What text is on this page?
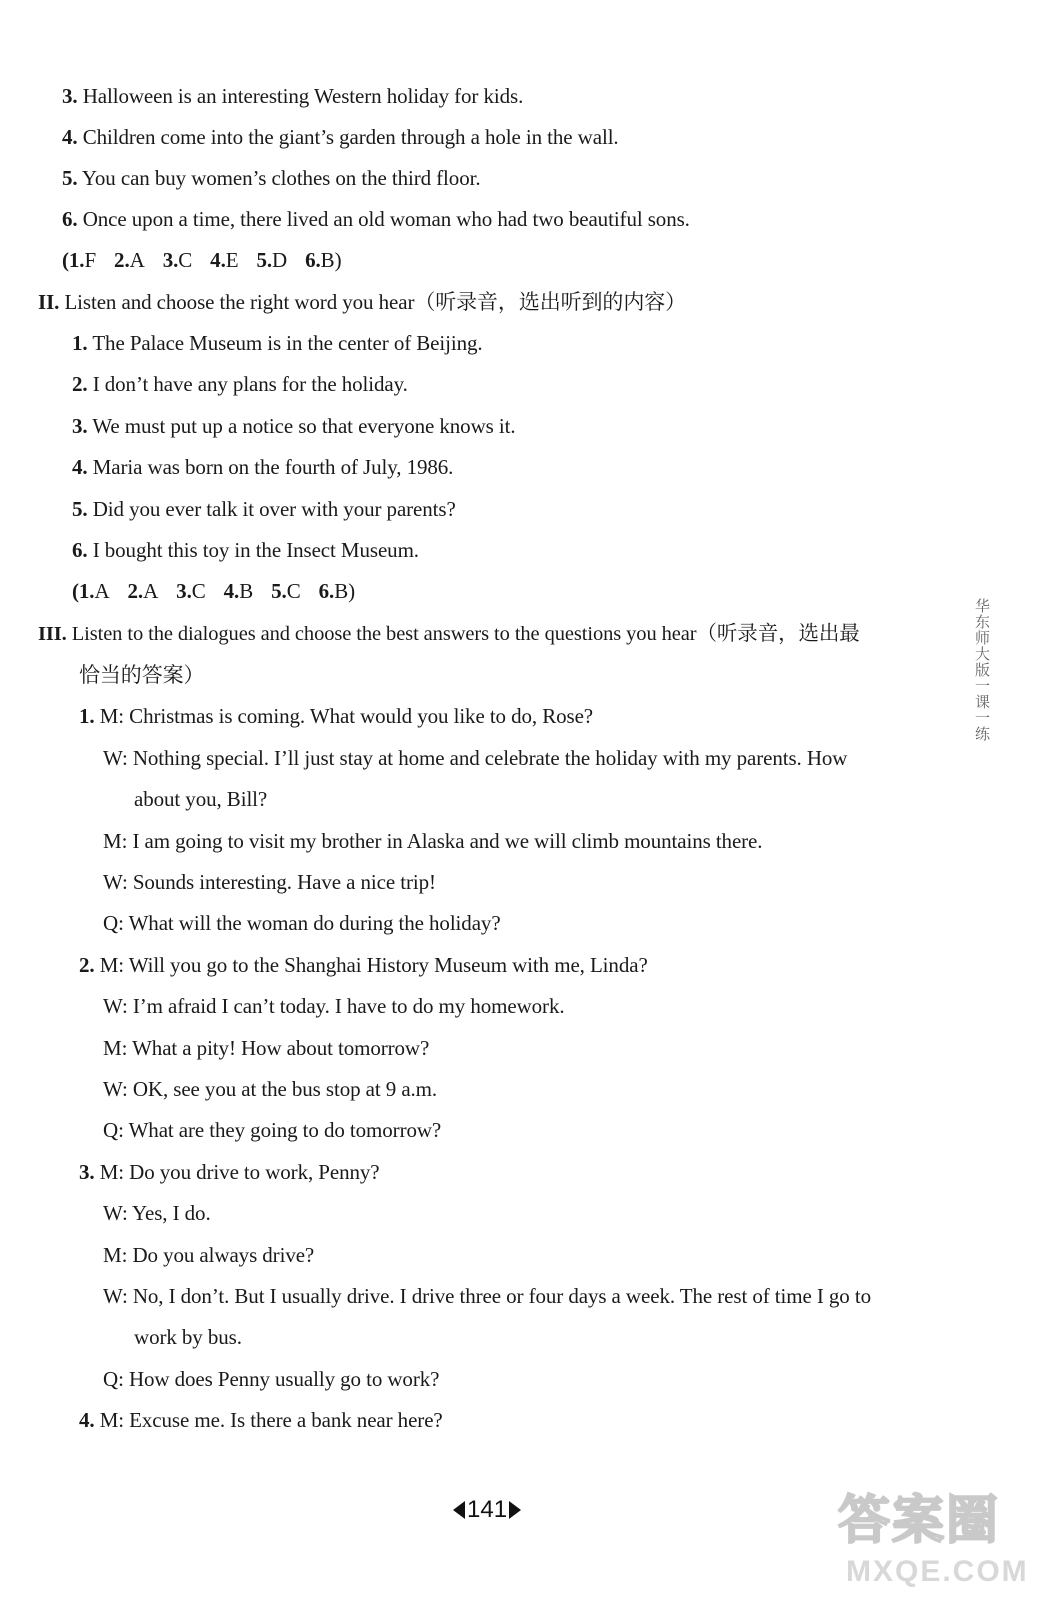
3. Halloween is an interesting Western holiday for kids.
4. Children come into the giant’s garden through a hole in the wall.
5. You can buy women’s clothes on the third floor.
6. Once upon a time, there lived an old woman who had two beautiful sons.
(1.F 2.A 3.C 4.E 5.D 6.B)
II. Listen and choose the right word you hear（听录音，选出听到的内容）
1. The Palace Museum is in the center of Beijing.
2. I don’t have any plans for the holiday.
3. We must put up a notice so that everyone knows it.
4. Maria was born on the fourth of July, 1986.
5. Did you ever talk it over with your parents?
6. I bought this toy in the Insect Museum.
(1.A 2.A 3.C 4.B 5.C 6.B)
III. Listen to the dialogues and choose the best answers to the questions you hear（听录音，选出最
恰当的答案）
1. M: Christmas is coming. What would you like to do, Rose?
W: Nothing special. I’ll just stay at home and celebrate the holiday with my parents. How
about you, Bill?
M: I am going to visit my brother in Alaska and we will climb mountains there.
W: Sounds interesting. Have a nice trip!
Q: What will the woman do during the holiday?
2. M: Will you go to the Shanghai History Museum with me, Linda?
W: I’m afraid I can’t today. I have to do my homework.
M: What a pity! How about tomorrow?
W: OK, see you at the bus stop at 9 a.m.
Q: What are they going to do tomorrow?
3. M: Do you drive to work, Penny?
W: Yes, I do.
M: Do you always drive?
W: No, I don’t. But I usually drive. I drive three or four days a week. The rest of time I go to
work by bus.
Q: How does Penny usually go to work?
4. M: Excuse me. Is there a bank near here?
华东师大版一课一练
141	答案圈
MXQE.COM
